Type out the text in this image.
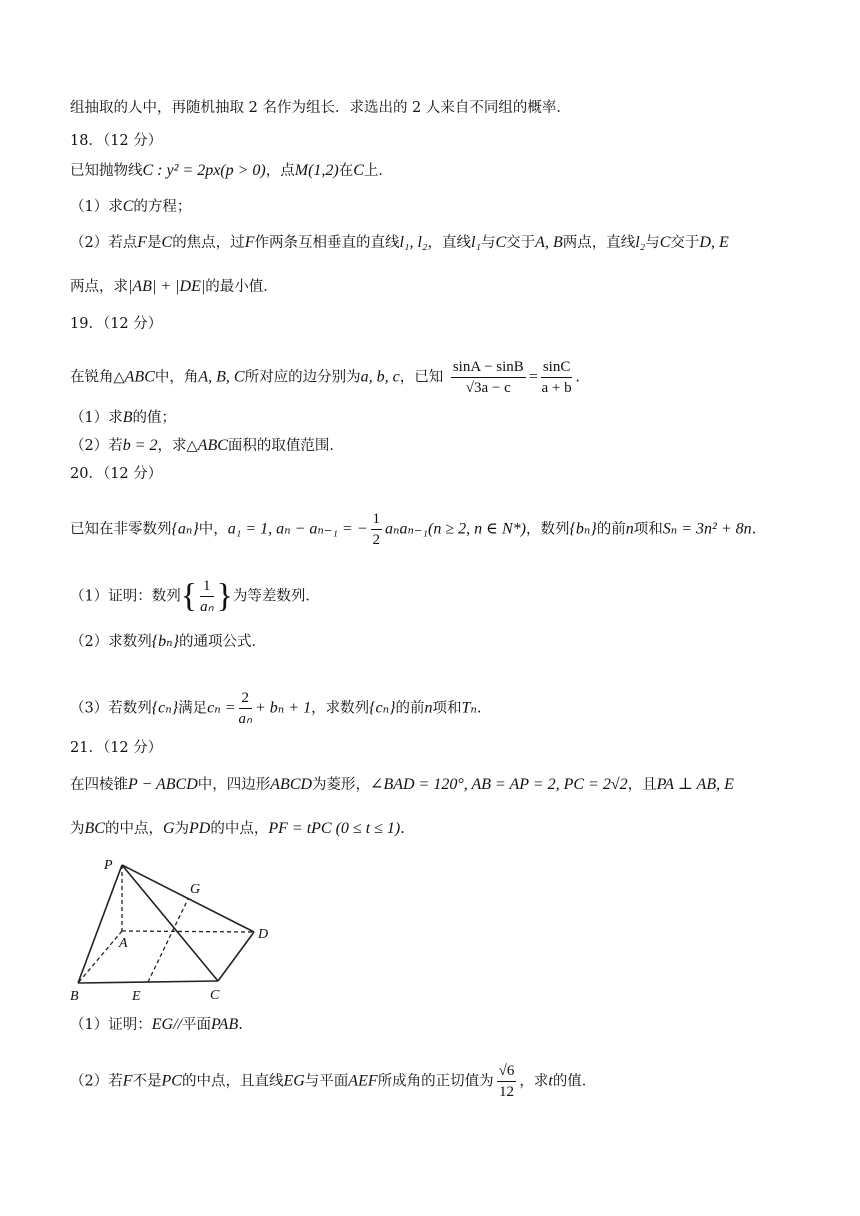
组抽取的人中，再随机抽取 2 名作为组长．求选出的 2 人来自不同组的概率．
18．（12 分）
已知抛物线C : y² = 2px(p > 0)，点M(1,2)在C上．
（1）求C的方程；
（2）若点F是C的焦点，过F作两条互相垂直的直线l₁, l₂，直线l₁与C交于A, B两点，直线l₂与C交于D, E
两点，求|AB| + |DE|的最小值．
19．（12 分）
在锐角△ABC中，角A, B, C所对应的边分别为a, b, c，已知 $\frac{\sin A - \sin B}{√3a - c} = \frac{\sin C}{a + b}$ .
（1）求B的值；
（2）若b = 2，求△ABC面积的取值范围．
20．（12 分）
已知在非零数列{aₙ}中，a₁ = 1, aₙ − aₙ₋₁ = − $\frac{1}{2} a_na_{n-1}(n \ge 2$, n ∈ N*)，数列{bₙ}的前n项和Sₙ = 3n² + 8n.
（1）证明：数列{ $\frac{1}{\text{aₙ}}$ }为等差数列．
（2）求数列{bₙ}的通项公式．
（3）若数列{cₙ}满足$c_n = \frac{2}{\text{aₙ}} + b_n + 1$，求数列{cₙ}的前n项和Tₙ.
21．（12 分）
在四棱锥P − ABCD中，四边形ABCD为菱形，∠BAD = 120°, AB = AP = 2, PC = 2√2，且PA ⊥ AB, E
为BC的中点，G为PD的中点，PF = tPC (0 ≤ t ≤ 1).
P
A
B	E	C
D
G
（1）证明：EG//平面PAB.
（2）若F不是PC的中点，且直线EG与平面AEF所成角的正切值为 $\frac{√6}{12}$ ，求t的值．
